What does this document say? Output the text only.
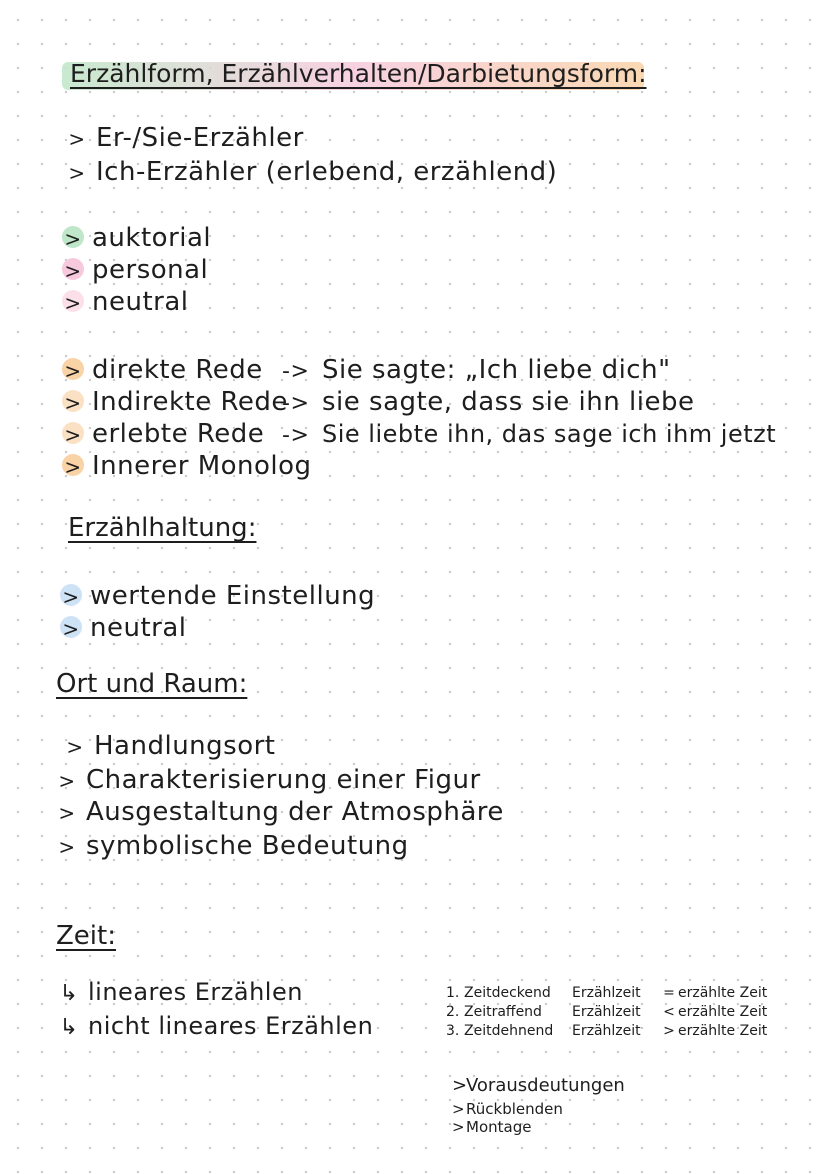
Erzählform, Erzählverhalten/Darbietungsform:
> Er-/Sie-Erzähler
> Ich-Erzähler (erlebend, erzählend)
> auktorial
> personal
> neutral
> direkte Rede -> Sie sagte: „Ich liebe dich"
> Indirekte Rede-> sie sagte, dass sie ihn liebe
> erlebte Rede -> Sie liebte ihn, das sage ich ihm jetzt
> Innerer Monolog
Erzählhaltung:
> wertende Einstellung
> neutral
Ort und Raum:
> Handlungsort
> Charakterisierung einer Figur
> Ausgestaltung der Atmosphäre
> symbolische Bedeutung
Zeit:
↳ lineares Erzählen
↳ nicht lineares Erzählen
1. Zeitdeckend Erzählzeit = erzählte Zeit
2. Zeitraffend Erzählzeit < erzählte Zeit
3. Zeitdehnend Erzählzeit > erzählte Zeit
>Vorausdeutungen
>Rückblenden
>Montage
